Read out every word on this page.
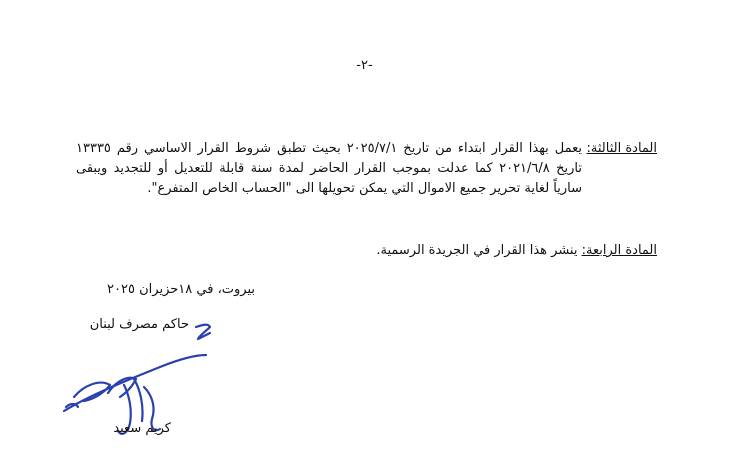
-٢-
المادة الثالثة:
يعمل بهذا القرار ابتداء من تاريخ ٢٠٢٥/٧/١ بحيث تطبق شروط القرار الاساسي رقم ١٣٣٣٥ تاريخ ٢٠٢١/٦/٨ كما عدلت بموجب القرار الحاضر لمدة سنة قابلة للتعديل أو للتجديد ويبقى سارياً لغاية تحرير جميع الاموال التي يمكن تحويلها الى "الحساب الخاص المتفرع".
المادة الرابعة: ينشر هذا القرار في الجريدة الرسمية.
بيروت، في ١٨حزيران ٢٠٢٥
حاكم مصرف لبنان
كريم سعيد
